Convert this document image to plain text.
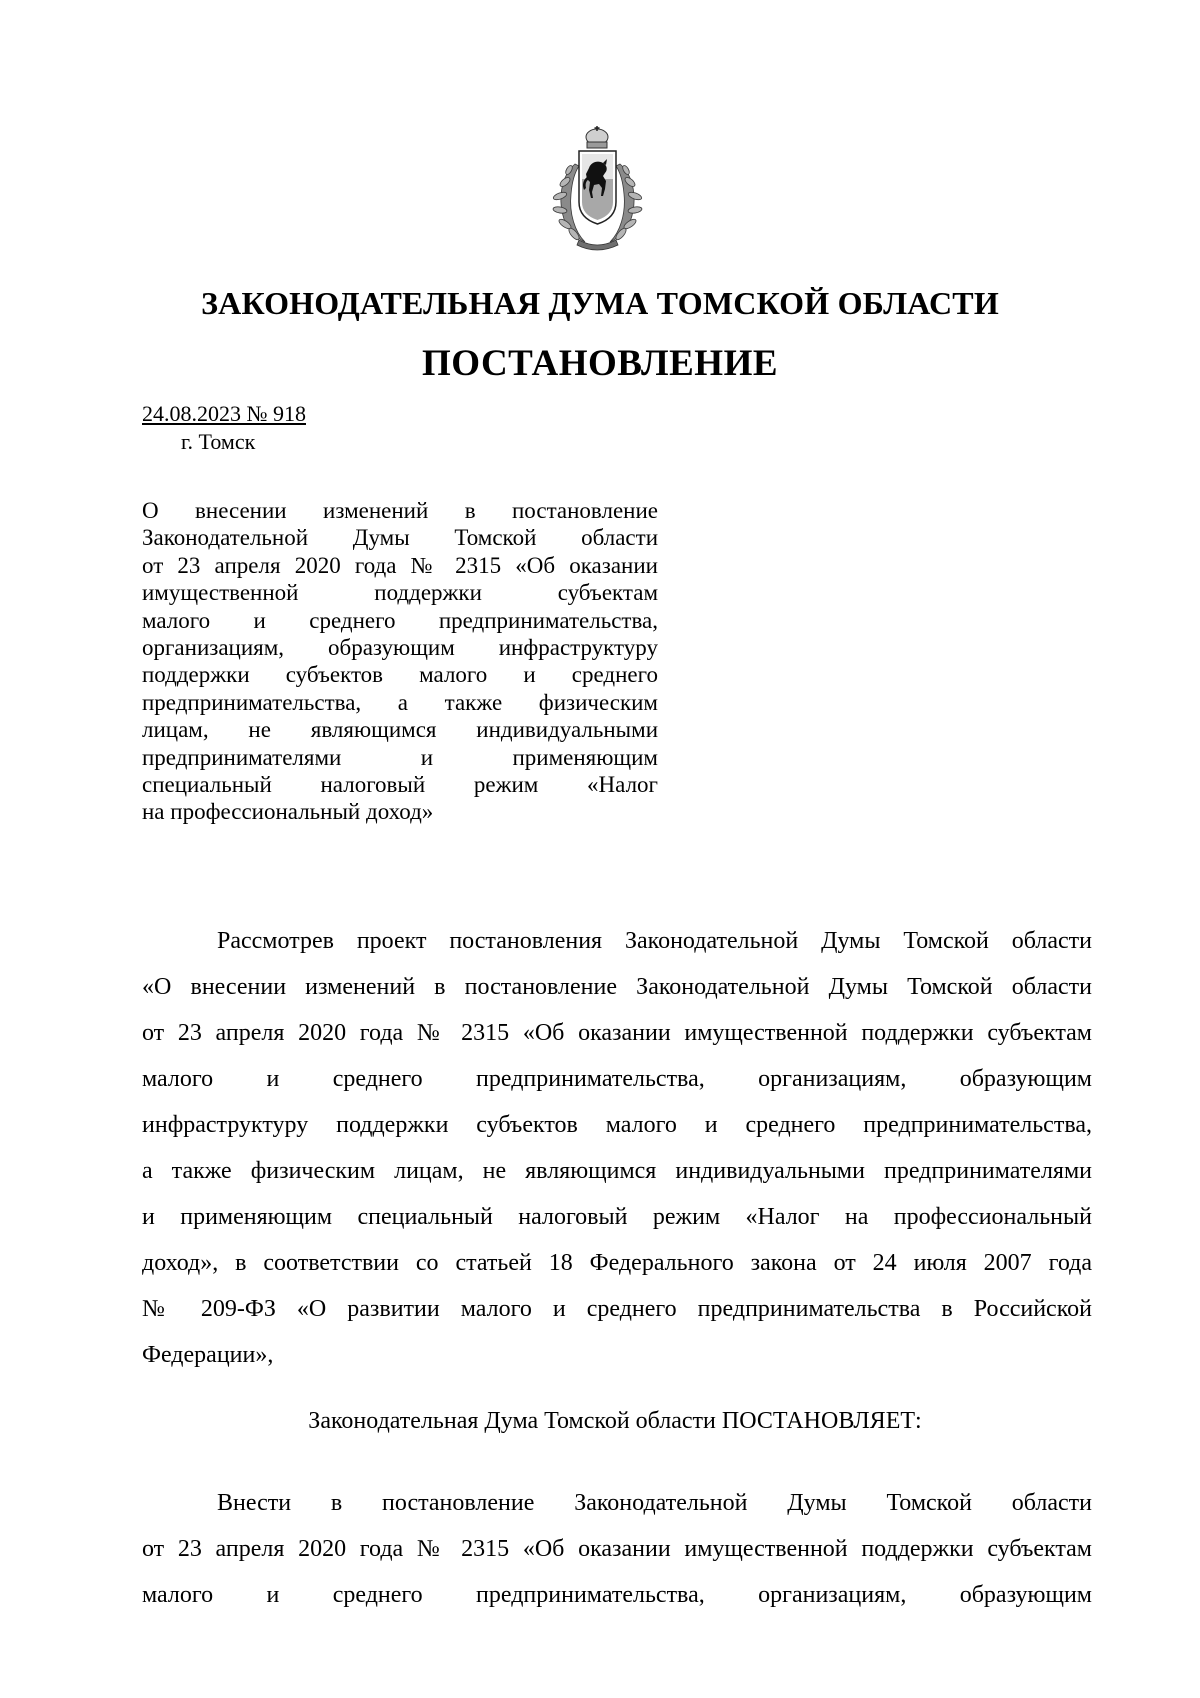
ЗАКОНОДАТЕЛЬНАЯ ДУМА ТОМСКОЙ ОБЛАСТИ
ПОСТАНОВЛЕНИЕ
24.08.2023 № 918
г. Томск
О внесении изменений в постановление
Законодательной Думы Томской области
от 23 апреля 2020 года № 2315 «Об оказании
имущественной поддержки субъектам
малого и среднего предпринимательства,
организациям, образующим инфраструктуру
поддержки субъектов малого и среднего
предпринимательства, а также физическим
лицам, не являющимся индивидуальными
предпринимателями и применяющим
специальный налоговый режим «Налог
на профессиональный доход»
Рассмотрев проект постановления Законодательной Думы Томской области
«О внесении изменений в постановление Законодательной Думы Томской области
от 23 апреля 2020 года № 2315 «Об оказании имущественной поддержки субъектам
малого и среднего предпринимательства, организациям, образующим
инфраструктуру поддержки субъектов малого и среднего предпринимательства,
а также физическим лицам, не являющимся индивидуальными предпринимателями
и применяющим специальный налоговый режим «Налог на профессиональный
доход», в соответствии со статьей 18 Федерального закона от 24 июля 2007 года
№ 209-ФЗ «О развитии малого и среднего предпринимательства в Российской
Федерации»,
Законодательная Дума Томской области ПОСТАНОВЛЯЕТ:
Внести в постановление Законодательной Думы Томской области
от 23 апреля 2020 года № 2315 «Об оказании имущественной поддержки субъектам
малого и среднего предпринимательства, организациям, образующим
